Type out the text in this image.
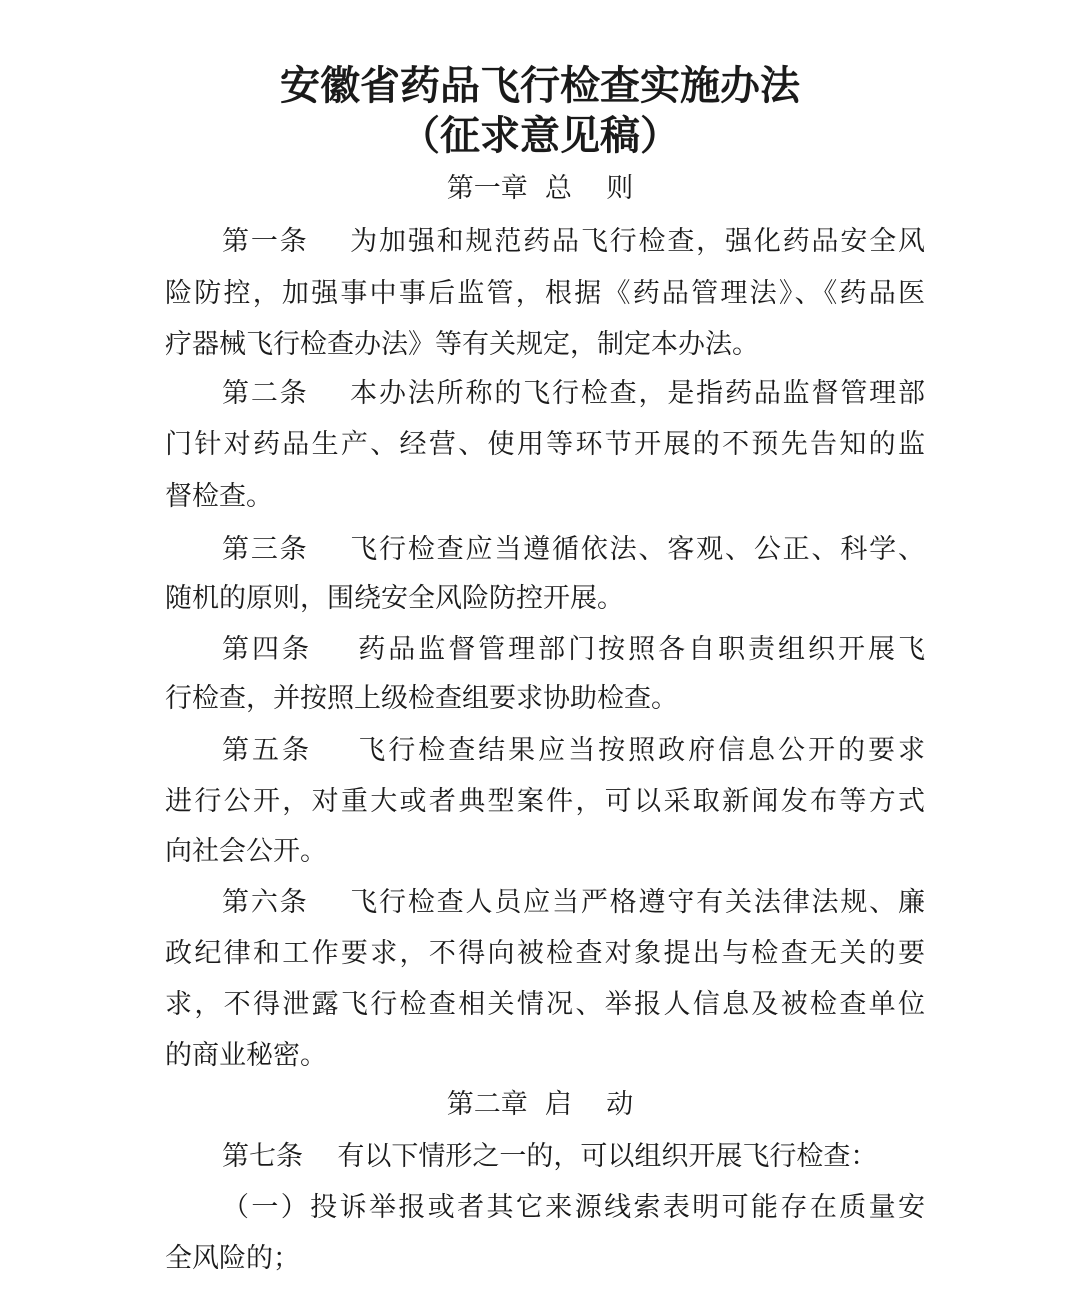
安徽省药品飞行检查实施办法
（征求意见稿）
第一章  总    则
第一条    为加强和规范药品飞行检查，强化药品安全风
险防控，加强事中事后监管，根据《药品管理法》、《药品医
疗器械飞行检查办法》等有关规定，制定本办法。
第二条    本办法所称的飞行检查，是指药品监督管理部
门针对药品生产、经营、使用等环节开展的不预先告知的监
督检查。
第三条    飞行检查应当遵循依法、客观、公正、科学、
随机的原则，围绕安全风险防控开展。
第四条    药品监督管理部门按照各自职责组织开展飞
行检查，并按照上级检查组要求协助检查。
第五条    飞行检查结果应当按照政府信息公开的要求
进行公开，对重大或者典型案件，可以采取新闻发布等方式
向社会公开。
第六条    飞行检查人员应当严格遵守有关法律法规、廉
政纪律和工作要求，不得向被检查对象提出与检查无关的要
求，不得泄露飞行检查相关情况、举报人信息及被检查单位
的商业秘密。
第二章  启    动
第七条    有以下情形之一的，可以组织开展飞行检查：
（一）投诉举报或者其它来源线索表明可能存在质量安
全风险的；
